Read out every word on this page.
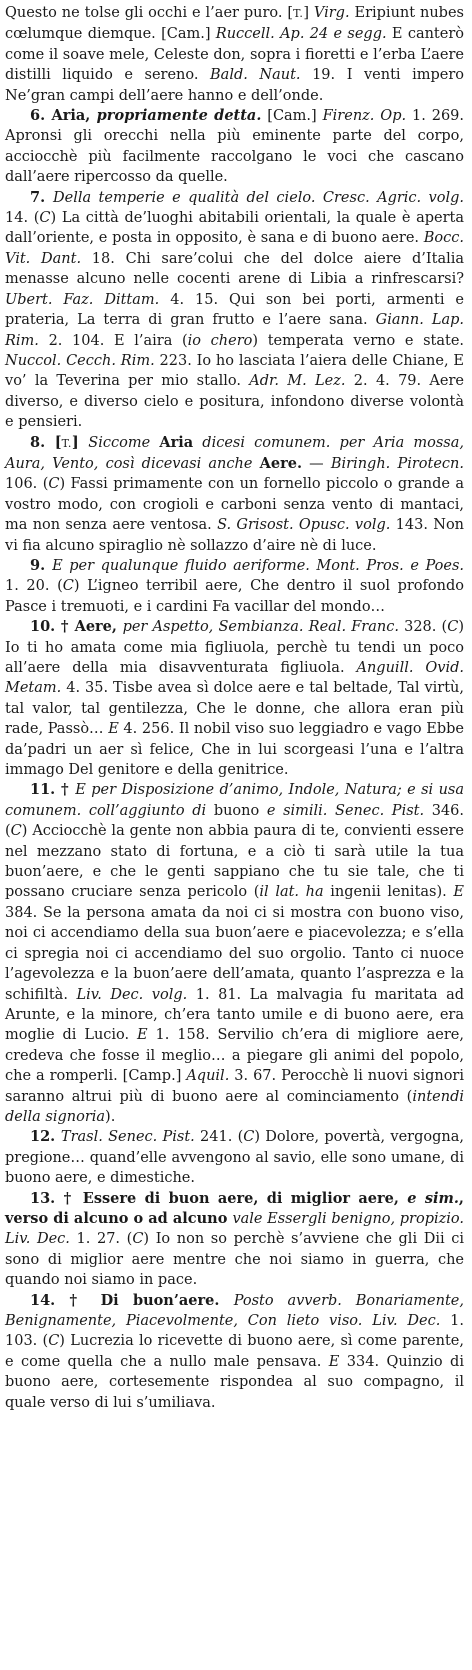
Questo ne tolse gli occhi e l’aer puro. [T.] Virg. Eripiunt nubes cœlumque diemque. [Cam.] Ruccell. Ap. 24 e segg. E canterò come il soave mele, Celeste don, sopra i fioretti e l’erba L’aere distilli liquido e sereno. Bald. Naut. 19. I venti impero Ne’gran campi dell’aere hanno e dell’onde.

6. Aria, propriamente detta. [Cam.] Firenz. Op. 1. 269. Apronsi gli orecchi nella più eminente parte del corpo, acciocchè più facilmente raccolgano le voci che cascano dall’aere ripercosso da quelle.

7. Della temperie e qualità del cielo. Cresc. Agric. volg. 14. (C) La città de’luoghi abitabili orientali, la quale è aperta dall’oriente, e posta in opposito, è sana e di buono aere. Bocc. Vit. Dant. 18. Chi sare’colui che del dolce aiere d’Italia menasse alcuno nelle cocenti arene di Libia a rinfrescarsi? Ubert. Faz. Dittam. 4. 15. Qui son bei porti, armenti e prateria, La terra di gran frutto e l’aere sana. Giann. Lap. Rim. 2. 104. E l’aira (io chero) temperata verno e state. Nuccol. Cecch. Rim. 223. Io ho lasciata l’aiera delle Chiane, E vo’ la Teverina per mio stallo. Adr. M. Lez. 2. 4. 79. Aere diverso, e diverso cielo e positura, infondono diverse volontà e pensieri.

8. [T.] Siccome Aria dicesi comunem. per Aria mossa, Aura, Vento, così dicevasi anche Aere. — Biringh. Pirotecn. 106. (C) Fassi primamente con un fornello piccolo o grande a vostro modo, con crogioli e carboni senza vento di mantaci, ma non senza aere ventosa. S. Grisost. Opusc. volg. 143. Non vi fia alcuno spiraglio nè sollazzo d’aire nè di luce.

9. E per qualunque fluido aeriforme. Mont. Pros. e Poes. 1. 20. (C) L’igneo terribil aere, Che dentro il suol profondo Pasce i tremuoti, e i cardini Fa vacillar del mondo…

10. † Aere, per Aspetto, Sembianza. Real. Franc. 328. (C) Io ti ho amata come mia figliuola, perchè tu tendi un poco all’aere della mia disavventurata figliuola. Anguill. Ovid. Metam. 4. 35. Tisbe avea sì dolce aere e tal beltade, Tal virtù, tal valor, tal gentilezza, Che le donne, che allora eran più rade, Passò… E 4. 256. Il nobil viso suo leggiadro e vago Ebbe da’padri un aer sì felice, Che in lui scorgeasi l’una e l’altra immago Del genitore e della genitrice.

11. † E per Disposizione d’animo, Indole, Natura; e si usa comunem. coll’aggiunto di buono e simili. Senec. Pist. 346. (C) Acciocchè la gente non abbia paura di te, convienti essere nel mezzano stato di fortuna, e a ciò ti sarà utile la tua buon’aere, e che le genti sappiano che tu sie tale, che ti possano cruciare senza pericolo (il lat. ha ingenii lenitas). E 384. Se la persona amata da noi ci si mostra con buono viso, noi ci accendiamo della sua buon’aere e piacevolezza; e s’ella ci spregia noi ci accendiamo del suo orgolio. Tanto ci nuoce l’agevolezza e la buon’aere dell’amata, quanto l’asprezza e la schifiltà. Liv. Dec. volg. 1. 81. La malvagia fu maritata ad Arunte, e la minore, ch’era tanto umile e di buono aere, era moglie di Lucio. E 1. 158. Servilio ch’era di migliore aere, credeva che fosse il meglio… a piegare gli animi del popolo, che a romperli. [Camp.] Aquil. 3. 67. Perocchè li nuovi signori saranno altrui più di buono aere al cominciamento (intendi della signoria).

12. Trasl. Senec. Pist. 241. (C) Dolore, povertà, vergogna, pregione… quand’elle avvengono al savio, elle sono umane, di buono aere, e dimestiche.

13. † Essere di buon aere, di miglior aere, e sim., verso di alcuno o ad alcuno vale Essergli benigno, propizio. Liv. Dec. 1. 27. (C) Io non so perchè s’avviene che gli Dii ci sono di miglior aere mentre che noi siamo in guerra, che quando noi siamo in pace.

14. † Di buon’aere. Posto avverb. Bonariamente, Benignamente, Piacevolmente, Con lieto viso. Liv. Dec. 1. 103. (C) Lucrezia lo ricevette di buono aere, sì come parente, e come quella che a nullo male pensava. E 334. Quinzio di buono aere, cortesemente rispondea al suo compagno, il quale verso di lui s’umiliava.
